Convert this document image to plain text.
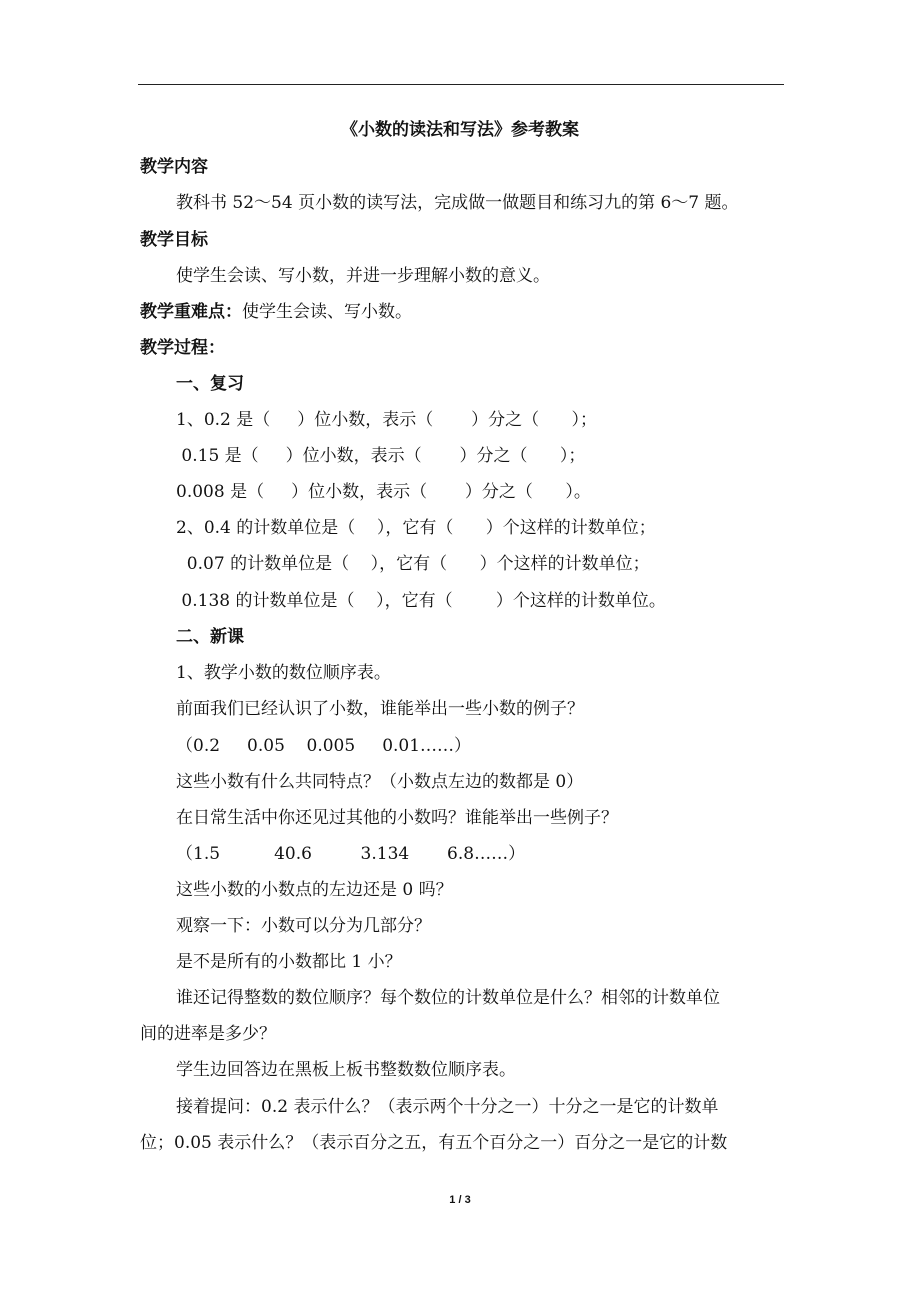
《小数的读法和写法》参考教案
教学内容
教科书 52～54 页小数的读写法，完成做一做题目和练习九的第 6～7 题。
教学目标
使学生会读、写小数，并进一步理解小数的意义。
教学重难点：使学生会读、写小数。
教学过程：
一、复习
1、0.2 是（     ）位小数，表示（       ）分之（      ）；
0.15 是（     ）位小数，表示（       ）分之（      ）；
0.008 是（     ）位小数，表示（       ）分之（      ）。
2、0.4 的计数单位是（    ），它有（      ）个这样的计数单位；
0.07 的计数单位是（    ），它有（      ）个这样的计数单位；
0.138 的计数单位是（    ），它有（        ）个这样的计数单位。
二、新课
1、教学小数的数位顺序表。
前面我们已经认识了小数，谁能举出一些小数的例子？
（0.2     0.05    0.005     0.01……）
这些小数有什么共同特点？（小数点左边的数都是 0）
在日常生活中你还见过其他的小数吗？谁能举出一些例子？
（1.5          40.6         3.134       6.8……）
这些小数的小数点的左边还是 0 吗？
观察一下：小数可以分为几部分？
是不是所有的小数都比 1 小？
谁还记得整数的数位顺序？每个数位的计数单位是什么？相邻的计数单位
间的进率是多少？
学生边回答边在黑板上板书整数数位顺序表。
接着提问：0.2 表示什么？（表示两个十分之一）十分之一是它的计数单
位；0.05 表示什么？（表示百分之五，有五个百分之一）百分之一是它的计数
1 / 3
